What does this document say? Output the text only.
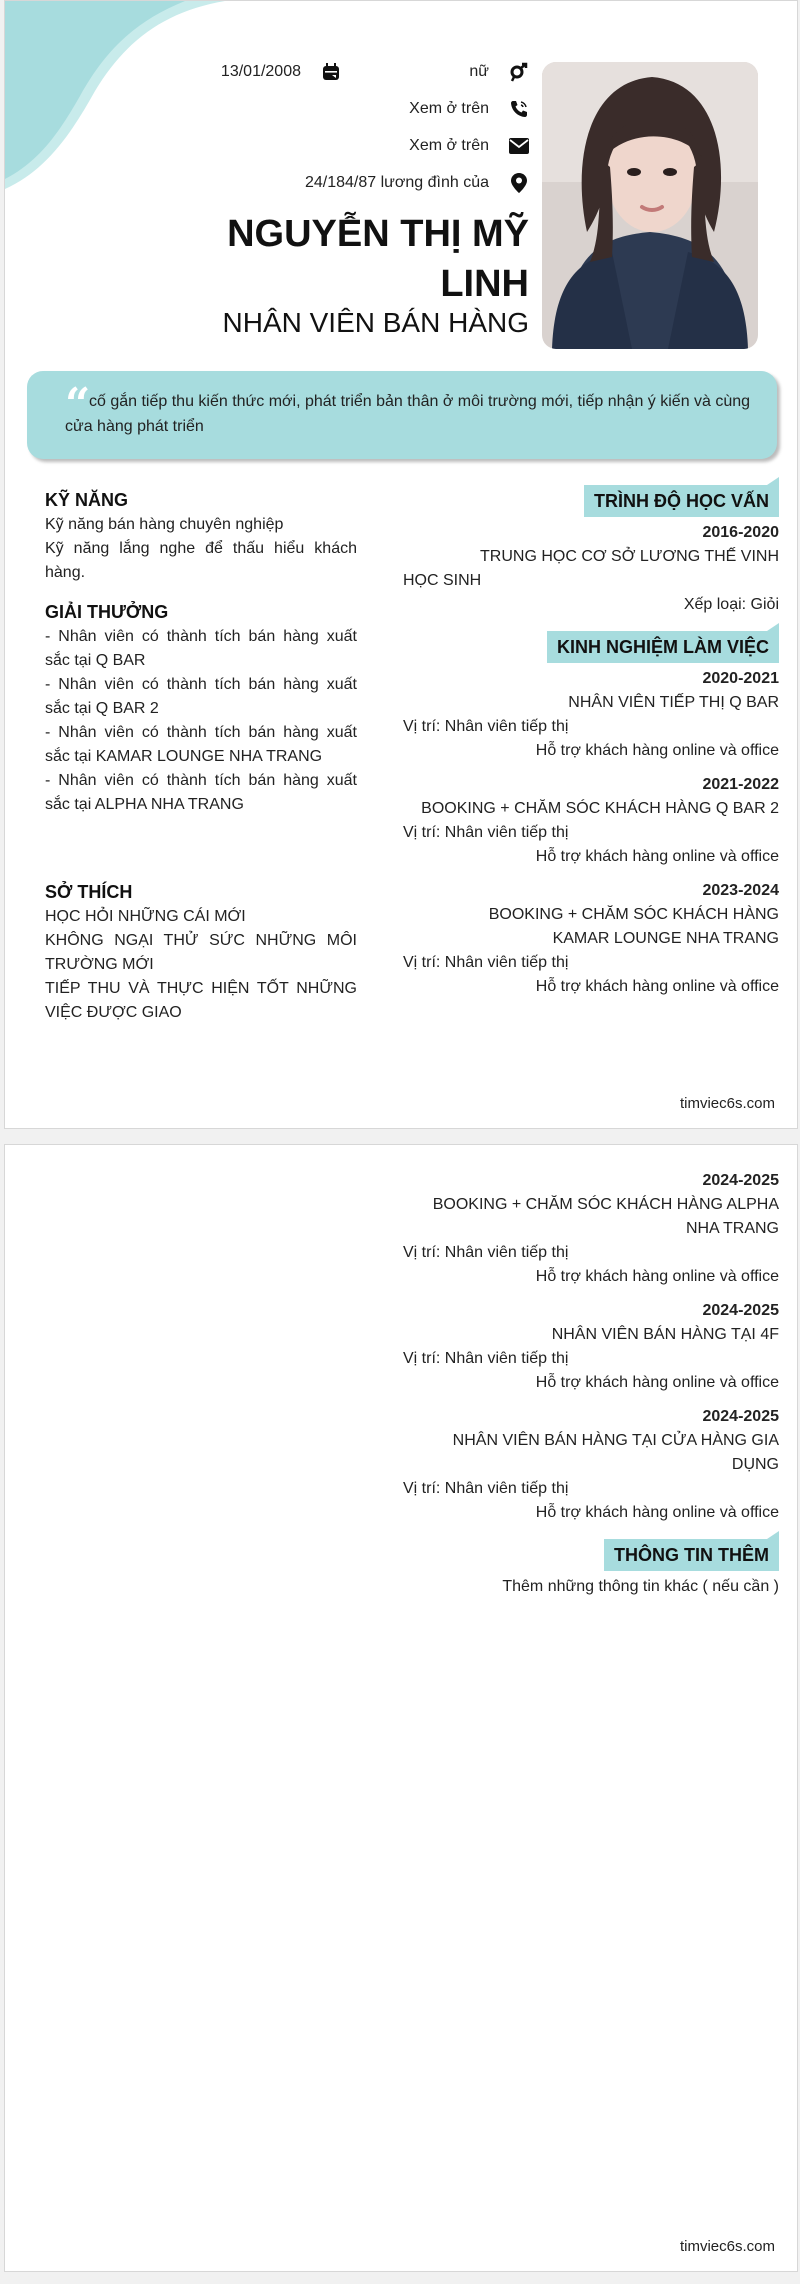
13/01/2008	nữ
Xem ở trên
Xem ở trên
24/184/87 lương đình của
NGUYỄN THỊ MỸ LINH
NHÂN VIÊN BÁN HÀNG
“
cố gắn tiếp thu kiến thức mới, phát triển bản thân ở môi trường mới, tiếp nhận ý kiến và cùng cửa hàng phát triển
KỸ NĂNG
Kỹ năng bán hàng chuyên nghiệp
Kỹ năng lắng nghe để thấu hiểu khách hàng.
GIẢI THƯỞNG
- Nhân viên có thành tích bán hàng xuất sắc tại Q BAR
- Nhân viên có thành tích bán hàng xuất sắc tại Q BAR 2
- Nhân viên có thành tích bán hàng xuất sắc tại KAMAR LOUNGE NHA TRANG
- Nhân viên có thành tích bán hàng xuất sắc tại ALPHA NHA TRANG
SỞ THÍCH
HỌC HỎI NHỮNG CÁI MỚI
KHÔNG NGẠI THỬ SỨC NHỮNG MÔI TRƯỜNG MỚI
TIẾP THU VÀ THỰC HIỆN TỐT NHỮNG VIỆC ĐƯỢC GIAO
TRÌNH ĐỘ HỌC VẤN
2016-2020
TRUNG HỌC CƠ SỞ LƯƠNG THẾ VINH
HỌC SINH
Xếp loại: Giỏi
KINH NGHIỆM LÀM VIỆC
2020-2021
NHÂN VIÊN TIẾP THỊ Q BAR
Vị trí: Nhân viên tiếp thị
Hỗ trợ khách hàng online và office
2021-2022
BOOKING + CHĂM SÓC KHÁCH HÀNG Q BAR 2
Vị trí: Nhân viên tiếp thị
Hỗ trợ khách hàng online và office
2023-2024
BOOKING + CHĂM SÓC KHÁCH HÀNG KAMAR LOUNGE NHA TRANG
Vị trí: Nhân viên tiếp thị
Hỗ trợ khách hàng online và office
timviec6s.com
2024-2025
BOOKING + CHĂM SÓC KHÁCH HÀNG ALPHA NHA TRANG
Vị trí: Nhân viên tiếp thị
Hỗ trợ khách hàng online và office
2024-2025
NHÂN VIÊN BÁN HÀNG TẠI 4F
Vị trí: Nhân viên tiếp thị
Hỗ trợ khách hàng online và office
2024-2025
NHÂN VIÊN BÁN HÀNG TẠI CỬA HÀNG GIA DỤNG
Vị trí: Nhân viên tiếp thị
Hỗ trợ khách hàng online và office
THÔNG TIN THÊM
Thêm những thông tin khác ( nếu cần )
timviec6s.com
